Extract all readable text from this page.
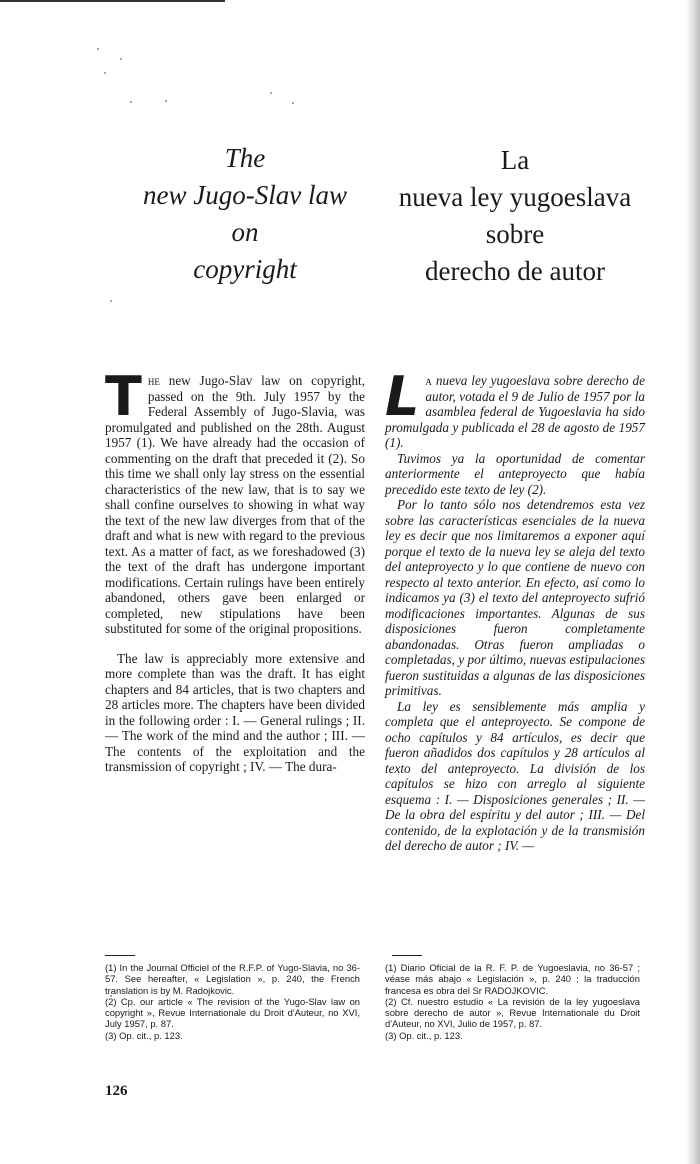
The
new Jugo-Slav law
on
copyright
La
nueva ley yugoeslava
sobre
derecho de autor

The new Jugo-Slav law on copyright, passed on the 9th. July 1957 by the Federal Assembly of Jugo-Slavia, was promulgated and published on the 28th. August 1957 (1). We have already had the occasion of commenting on the draft that preceded it (2). So this time we shall only lay stress on the essential characteristics of the new law, that is to say we shall confine ourselves to showing in what way the text of the new law diverges from that of the draft and what is new with regard to the previous text. As a matter of fact, as we foreshadowed (3) the text of the draft has undergone important modifications. Certain rulings have been entirely abandoned, others gave been enlarged or completed, new stipulations have been substituted for some of the original propositions.

The law is appreciably more extensive and more complete than was the draft. It has eight chapters and 84 articles, that is two chapters and 28 articles more. The chapters have been divided in the following order : I. — General rulings ; II. — The work of the mind and the author ; III. — The contents of the exploitation and the transmission of copyright ; IV. — The dura-

La nueva ley yugoeslava sobre derecho de autor, votada el 9 de Julio de 1957 por la asamblea federal de Yugoeslavia ha sido promulgada y publicada el 28 de agosto de 1957 (1).

Tuvimos ya la oportunidad de comentar anteriormente el anteproyecto que había precedido este texto de ley (2).

Por lo tanto sólo nos detendremos esta vez sobre las características esenciales de la nueva ley es decir que nos limitaremos a exponer aquí porque el texto de la nueva ley se aleja del texto del anteproyecto y lo que contiene de nuevo con respecto al texto anterior. En efecto, así como lo indicamos ya (3) el texto del anteproyecto sufrió modificaciones importantes. Algunas de sus disposiciones fueron completamente abandonadas. Otras fueron ampliadas o completadas, y por último, nuevas estipulaciones fueron sustituidas a algunas de las disposiciones primitivas.

La ley es sensiblemente más amplia y completa que el anteproyecto. Se compone de ocho capítulos y 84 artículos, es decir que fueron añadidos dos capítulos y 28 artículos al texto del anteproyecto. La división de los capítulos se hizo con arreglo al siguiente esquema : I. — Disposiciones generales ; II. — De la obra del espíritu y del autor ; III. — Del contenido, de la explotación y de la transmisión del derecho de autor ; IV. —

(1) In the Journal Officiel of the R.F.P. of Yugo-Slavia, no 36-57. See hereafter, « Legislation », p. 240, the French translation is by M. Radojkovic.

(2) Cp. our article « The revision of the Yugo-Slav law on copyright », Revue Internationale du Droit d'Auteur, no XVI, July 1957, p. 87.

(3) Op. cit., p. 123.

(1) Diario Oficial de la R. F. P. de Yugoeslavia, no 36-57 ; véase más abajo « Legislación », p. 240 ; la traducción francesa es obra del Sr RADOJKOVIC.

(2) Cf. nuestro estudio « La revisión de la ley yugoeslava sobre derecho de autor », Revue Internationale du Droit d'Auteur, no XVI, Julio de 1957, p. 87.

(3) Op. cit., p. 123.

126
